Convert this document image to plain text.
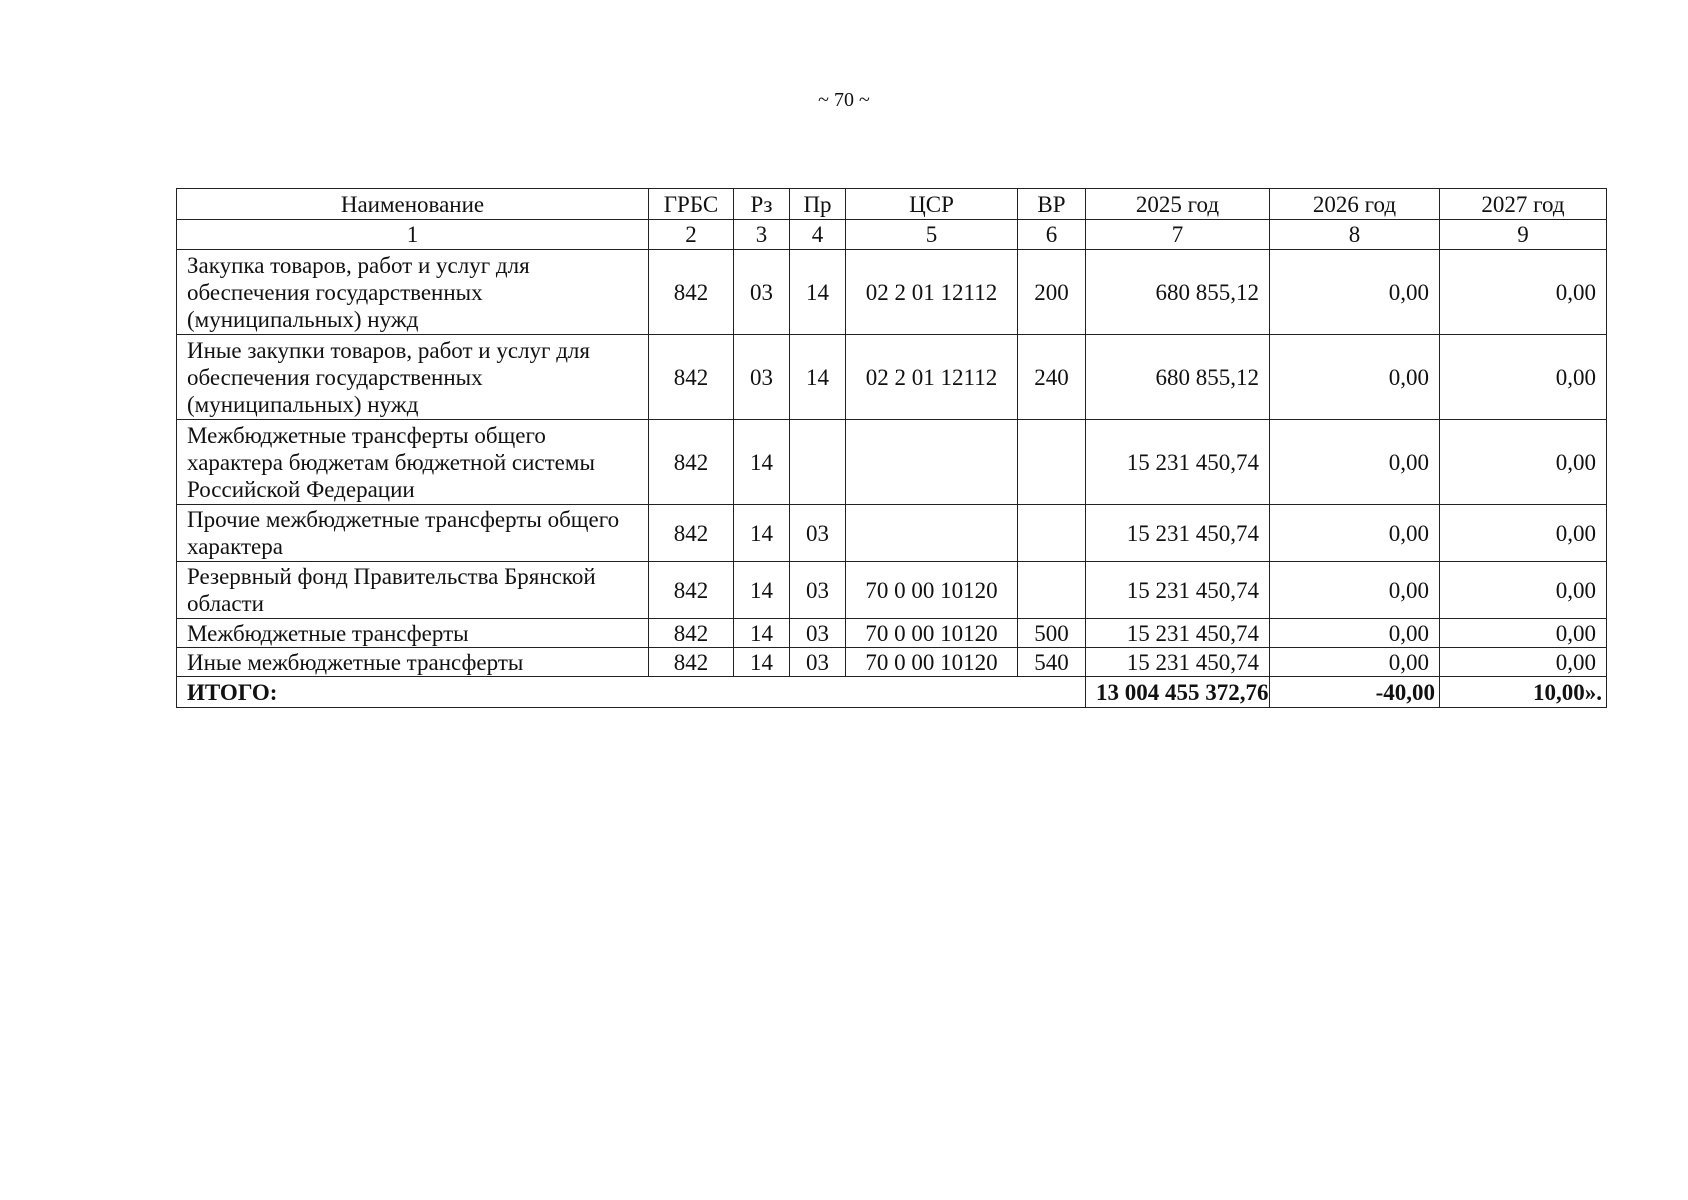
~ 70 ~
Наименование	ГРБС	Рз	Пр	ЦСР	ВР	2025 год	2026 год	2027 год
1	2	3	4	5	6	7	8	9
Закупка товаров, работ и услуг для обеспечения государственных (муниципальных) нужд	842	03	14	02 2 01 12112	200	680 855,12	0,00	0,00
Иные закупки товаров, работ и услуг для обеспечения государственных (муниципальных) нужд	842	03	14	02 2 01 12112	240	680 855,12	0,00	0,00
Межбюджетные трансферты общего характера бюджетам бюджетной системы Российской Федерации	842	14				15 231 450,74	0,00	0,00
Прочие межбюджетные трансферты общего характера	842	14	03			15 231 450,74	0,00	0,00
Резервный фонд Правительства Брянской области	842	14	03	70 0 00 10120		15 231 450,74	0,00	0,00
Межбюджетные трансферты	842	14	03	70 0 00 10120	500	15 231 450,74	0,00	0,00
Иные межбюджетные трансферты	842	14	03	70 0 00 10120	540	15 231 450,74	0,00	0,00
ИТОГО:						13 004 455 372,76	-40,00	10,00».
